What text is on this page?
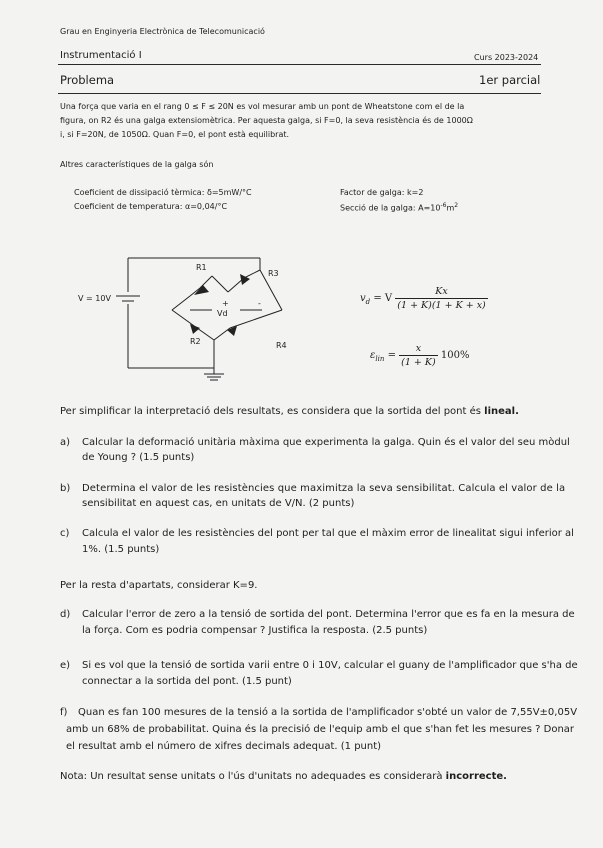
Grau en Enginyeria Electrònica de Telecomunicació
Instrumentació I	Curs 2023-2024
Problema	1er parcial
Una força que varia en el rang 0 ≤ F ≤ 20N es vol mesurar amb un pont de Wheatstone com el de la
figura, on R2 és una galga extensiomètrica. Per aquesta galga, si F=0, la seva resistència és de 1000Ω
i, si F=20N, de 1050Ω. Quan F=0, el pont està equilibrat.
Altres característiques de la galga són
Coeficient de dissipació tèrmica: δ=5mW/°C
Coeficient de temperatura: α=0,04/°C
Factor de galga: k=2
Secció de la galga: $A=10^{-6}m^2$
R1
R3
R2	R4
Vd
+	-
V = 10V	$v_d = V \frac{Kx}{(1 + K)(1 + K + x)}$
$\varepsilon_{lin} = \frac{x}{(1 + K)} 100\%$
Per simplificar la interpretació dels resultats, es considera que la sortida del pont és lineal.
a) Calcular la deformació unitària màxima que experimenta la galga. Quin és el valor del seu mòdul
de Young ? (1.5 punts)
b) Determina el valor de les resistències que maximitza la seva sensibilitat. Calcula el valor de la
sensibilitat en aquest cas, en unitats de V/N. (2 punts)
c) Calcula el valor de les resistències del pont per tal que el màxim error de linealitat sigui inferior al
1%. (1.5 punts)
Per la resta d'apartats, considerar K=9.
d) Calcular l'error de zero a la tensió de sortida del pont. Determina l'error que es fa en la mesura de
la força. Com es podria compensar ? Justifica la resposta. (2.5 punts)
e) Si es vol que la tensió de sortida varii entre 0 i 10V, calcular el guany de l'amplificador que s'ha de
connectar a la sortida del pont. (1.5 punt)
f) Quan es fan 100 mesures de la tensió a la sortida de l'amplificador s'obté un valor de 7,55V±0,05V
amb un 68% de probabilitat. Quina és la precisió de l'equip amb el que s'han fet les mesures ? Donar
el resultat amb el número de xifres decimals adequat. (1 punt)
Nota: Un resultat sense unitats o l'ús d'unitats no adequades es considerarà incorrecte.
